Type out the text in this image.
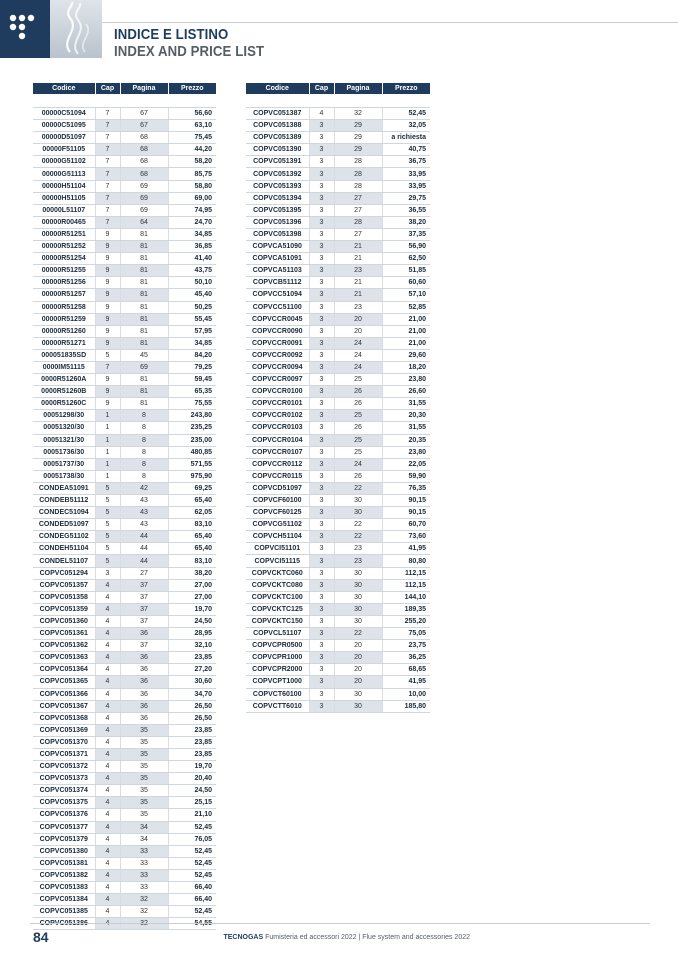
INDICE E LISTINO
INDEX AND PRICE LIST
Codice	Cap	Pagina	Prezzo

00000C51094	7	67	56,60
00000C51095	7	67	63,10
00000D51097	7	68	75,45
00000F51105	7	68	44,20
00000G51102	7	68	58,20
00000G51113	7	68	85,75
00000H51104	7	69	58,80
00000H51105	7	69	69,00
00000L51107	7	69	74,95
00000R00465	7	64	24,70
00000R51251	9	81	34,85
00000R51252	9	81	36,85
00000R51254	9	81	41,40
00000R51255	9	81	43,75
00000R51256	9	81	50,10
00000R51257	9	81	45,40
00000R51258	9	81	50,25
00000R51259	9	81	55,45
00000R51260	9	81	57,95
00000R51271	9	81	34,85
000051835SD	5	45	84,20
0000IM51115	7	69	79,25
0000R51260A	9	81	59,45
0000R51260B	9	81	65,35
0000R51260C	9	81	75,55
00051298/30	1	8	243,80
00051320/30	1	8	235,25
00051321/30	1	8	235,00
00051736/30	1	8	480,85
00051737/30	1	8	571,55
00051738/30	1	8	975,90
CONDEA51091	5	42	69,25
CONDEB51112	5	43	65,40
CONDEC51094	5	43	62,05
CONDED51097	5	43	83,10
CONDEG51102	5	44	65,40
CONDEH51104	5	44	65,40
CONDEL51107	5	44	83,10
COPVC051294	3	27	38,20
COPVC051357	4	37	27,00
COPVC051358	4	37	27,00
COPVC051359	4	37	19,70
COPVC051360	4	37	24,50
COPVC051361	4	36	28,95
COPVC051362	4	37	32,10
COPVC051363	4	36	23,85
COPVC051364	4	36	27,20
COPVC051365	4	36	30,60
COPVC051366	4	36	34,70
COPVC051367	4	36	26,50
COPVC051368	4	36	26,50
COPVC051369	4	35	23,85
COPVC051370	4	35	23,85
COPVC051371	4	35	23,85
COPVC051372	4	35	19,70
COPVC051373	4	35	20,40
COPVC051374	4	35	24,50
COPVC051375	4	35	25,15
COPVC051376	4	35	21,10
COPVC051377	4	34	52,45
COPVC051379	4	34	76,05
COPVC051380	4	33	52,45
COPVC051381	4	33	52,45
COPVC051382	4	33	52,45
COPVC051383	4	33	66,40
COPVC051384	4	32	66,40
COPVC051385	4	32	52,45

Codice	Cap	Pagina	Prezzo

COPVC051387	4	32	52,45
COPVC051388	3	29	32,05
COPVC051389	3	29	a richiesta
COPVC051390	3	29	40,75
COPVC051391	3	28	36,75
COPVC051392	3	28	33,95
COPVC051393	3	28	33,95
COPVC051394	3	27	29,75
COPVC051395	3	27	36,55
COPVC051396	3	28	38,20
COPVC051398	3	27	37,35
COPVCA51090	3	21	56,90
COPVCA51091	3	21	62,50
COPVCA51103	3	23	51,85
COPVCB51112	3	21	60,60
COPVCC51094	3	21	57,10
COPVCC51100	3	23	52,85
COPVCCR0045	3	20	21,00
COPVCCR0090	3	20	21,00
COPVCCR0091	3	24	21,00
COPVCCR0092	3	24	29,60
COPVCCR0094	3	24	18,20
COPVCCR0097	3	25	23,80
COPVCCR0100	3	26	26,60
COPVCCR0101	3	26	31,55
COPVCCR0102	3	25	20,30
COPVCCR0103	3	26	31,55
COPVCCR0104	3	25	20,35
COPVCCR0107	3	25	23,80
COPVCCR0112	3	24	22,05
COPVCCR0115	3	26	59,90
COPVCD51097	3	22	76,35
COPVCF60100	3	30	90,15
COPVCF60125	3	30	90,15
COPVCG51102	3	22	60,70
COPVCH51104	3	22	73,60
COPVCI51101	3	23	41,95
COPVCI51115	3	23	80,80
COPVCKTC060	3	30	112,15
COPVCKTC080	3	30	112,15
COPVCKTC100	3	30	144,10
COPVCKTC125	3	30	189,35
COPVCKTC150	3	30	255,20
COPVCL51107	3	22	75,05
COPVCPR0500	3	20	23,75
COPVCPR1000	3	20	36,25
COPVCPR2000	3	20	68,65
COPVCPT1000	3	20	41,95
COPVCT60100	3	30	10,00
COPVCTT6010	3	30	185,80
84	TECNOGAS Fumisteria ed accessori 2022 | Flue system and accessories 2022
